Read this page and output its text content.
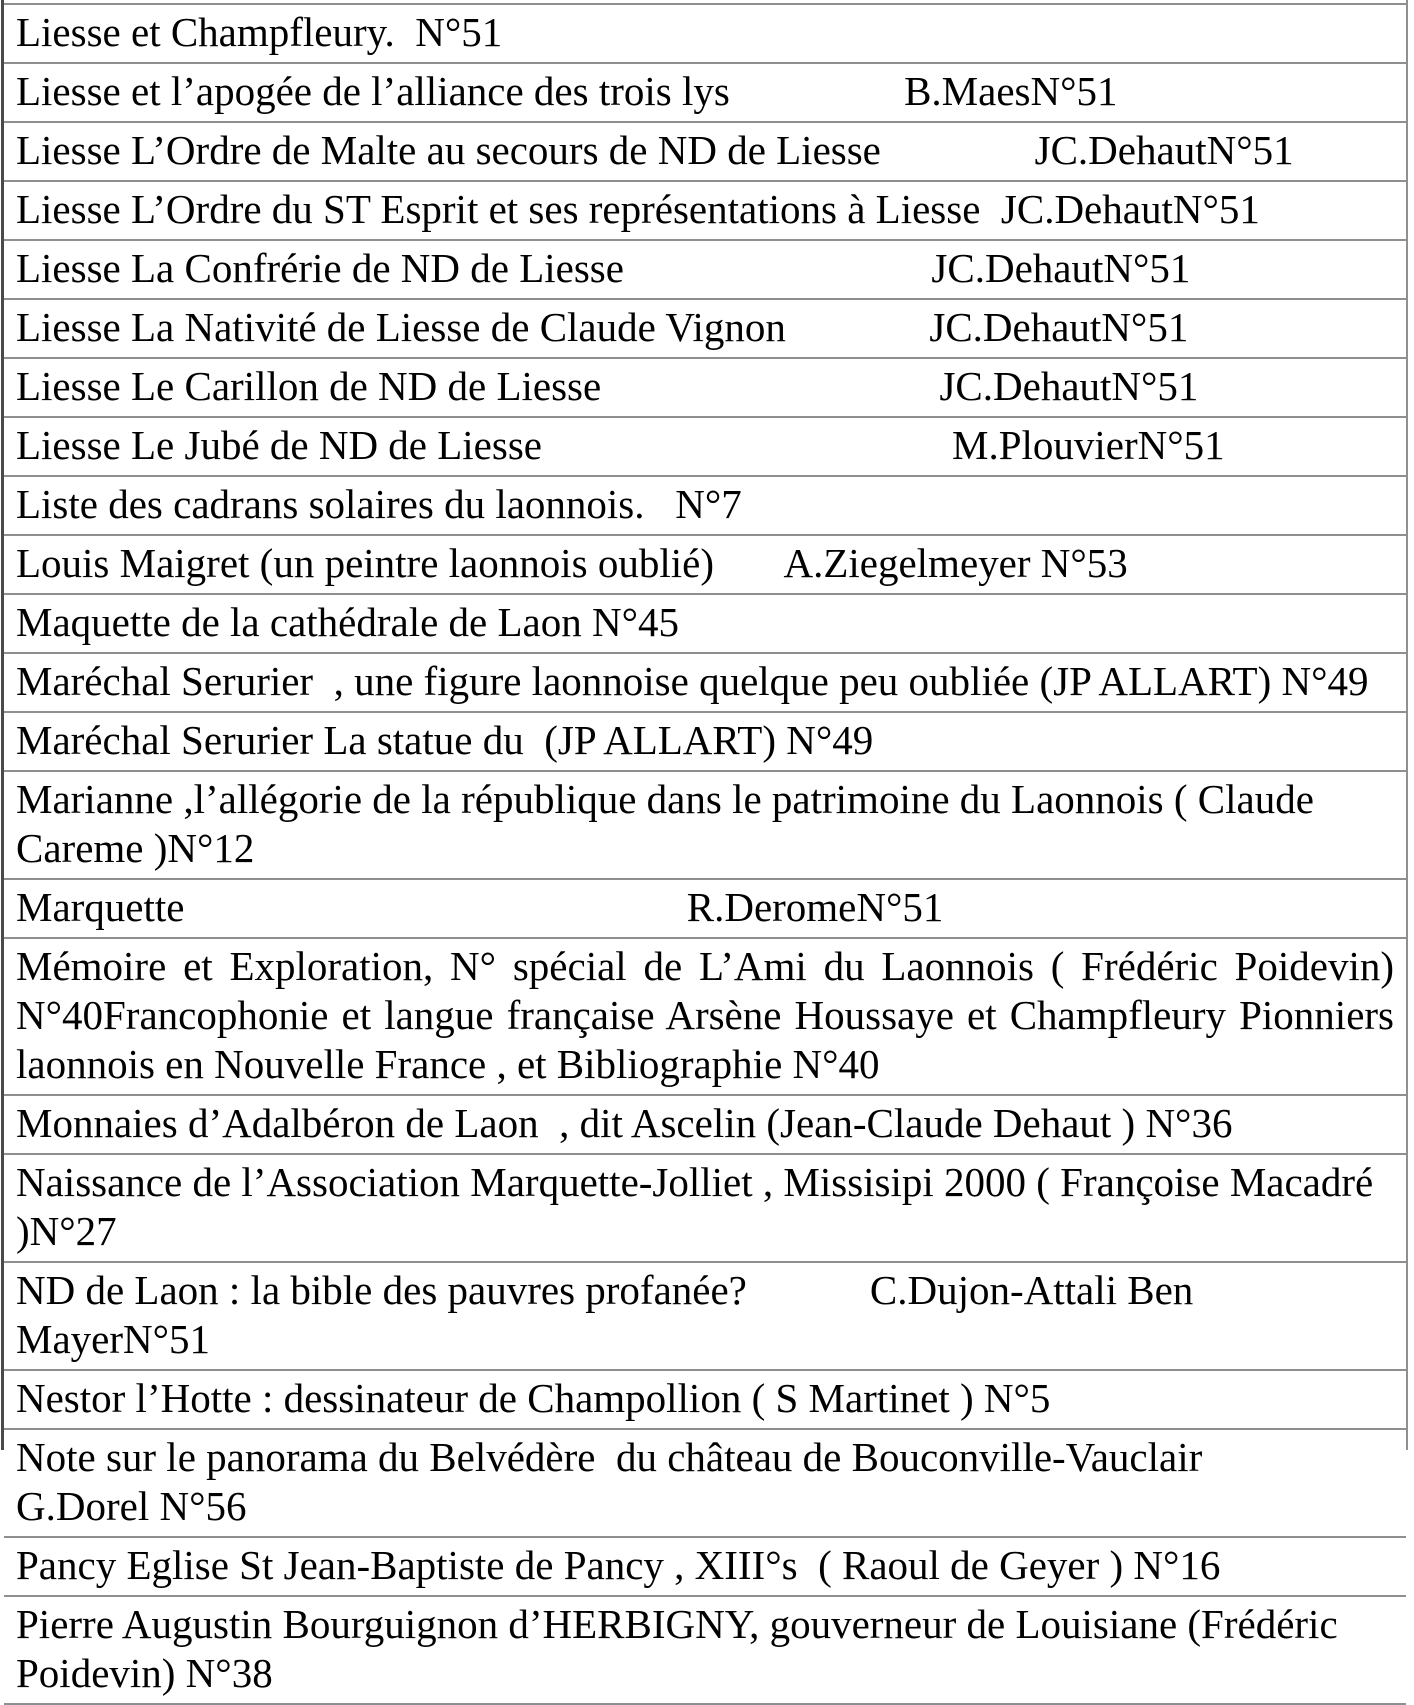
Liesse et Champfleury.  N°51
Liesse et l’apogée de l’alliance des trois lys                 B.MaesN°51
Liesse L’Ordre de Malte au secours de ND de Liesse               JC.DehautN°51
Liesse L’Ordre du ST Esprit et ses représentations à Liesse  JC.DehautN°51
Liesse La Confrérie de ND de Liesse                              JC.DehautN°51
Liesse La Nativité de Liesse de Claude Vignon              JC.DehautN°51
Liesse Le Carillon de ND de Liesse                                 JC.DehautN°51
Liesse Le Jubé de ND de Liesse                                        M.PlouvierN°51
Liste des cadrans solaires du laonnois.   N°7
Louis Maigret (un peintre laonnois oublié)       A.Ziegelmeyer N°53
Maquette de la cathédrale de Laon N°45
Maréchal Serurier  , une figure laonnoise quelque peu oubliée (JP ALLART) N°49
Maréchal Serurier La statue du  (JP ALLART) N°49
Marianne ,l’allégorie de la république dans le patrimoine du Laonnois ( Claude Careme )N°12
Marquette                                                 R.DeromeN°51
Mémoire et Exploration, N° spécial de L’Ami du Laonnois ( Frédéric Poidevin) N°40Francophonie et langue française Arsène Houssaye et Champfleury Pionniers laonnois en Nouvelle France , et Bibliographie N°40
Monnaies d’Adalbéron de Laon  , dit Ascelin (Jean-Claude Dehaut ) N°36
Naissance de l’Association Marquette-Jolliet , Missisipi 2000 ( Françoise Macadré )N°27
ND de Laon : la bible des pauvres profanée?            C.Dujon-Attali Ben MayerN°51
Nestor l’Hotte : dessinateur de Champollion ( S Martinet ) N°5
Note sur le panorama du Belvédère  du château de Bouconville-Vauclair      G.Dorel N°56
Pancy Eglise St Jean-Baptiste de Pancy , XIII°s  ( Raoul de Geyer ) N°16
Pierre Augustin Bourguignon d’HERBIGNY, gouverneur de Louisiane (Frédéric Poidevin) N°38
